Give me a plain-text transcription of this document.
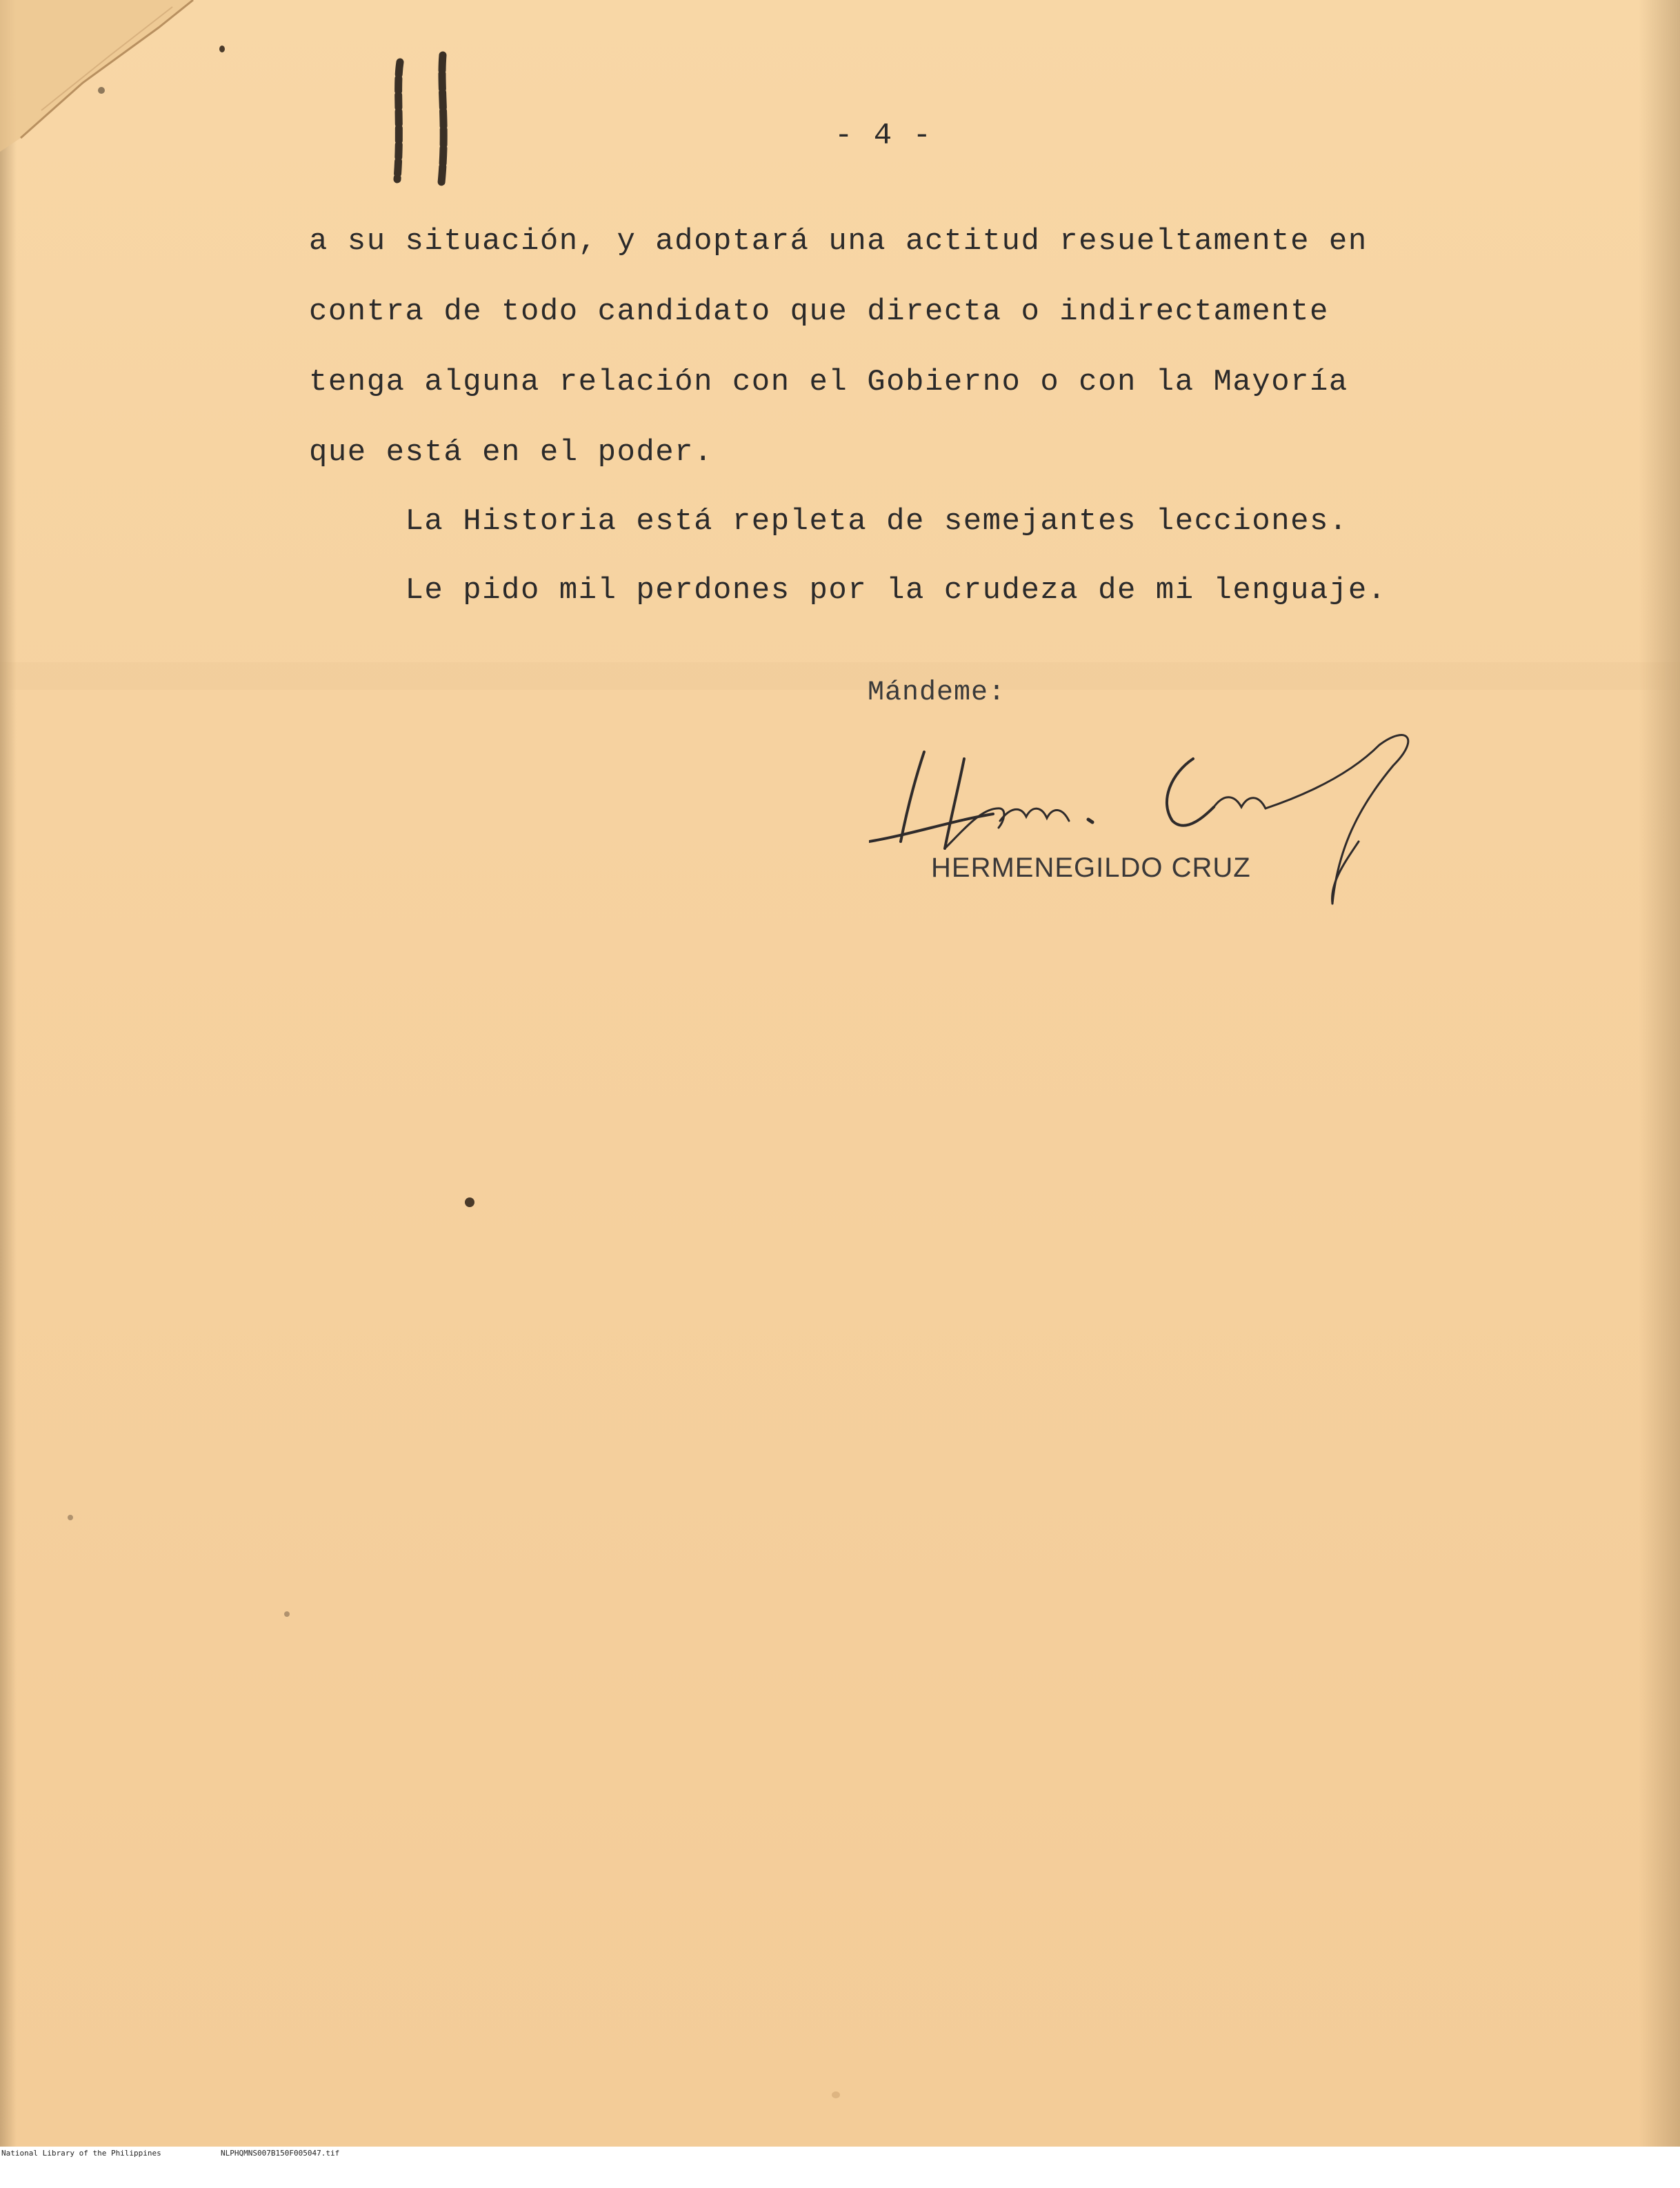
- 4 -
a su situación, y adoptará una actitud resueltamente en
contra de todo candidato que directa o indirectamente
tenga alguna relación con el Gobierno o con la Mayoría
que está en el poder.
La Historia está repleta de semejantes lecciones.
Le pido mil perdones por la crudeza de mi lenguaje.
Mándeme:
HERMENEGILDO CRUZ

National Library of the Philippines

	NLPHQMNS007B150F005047.tif
